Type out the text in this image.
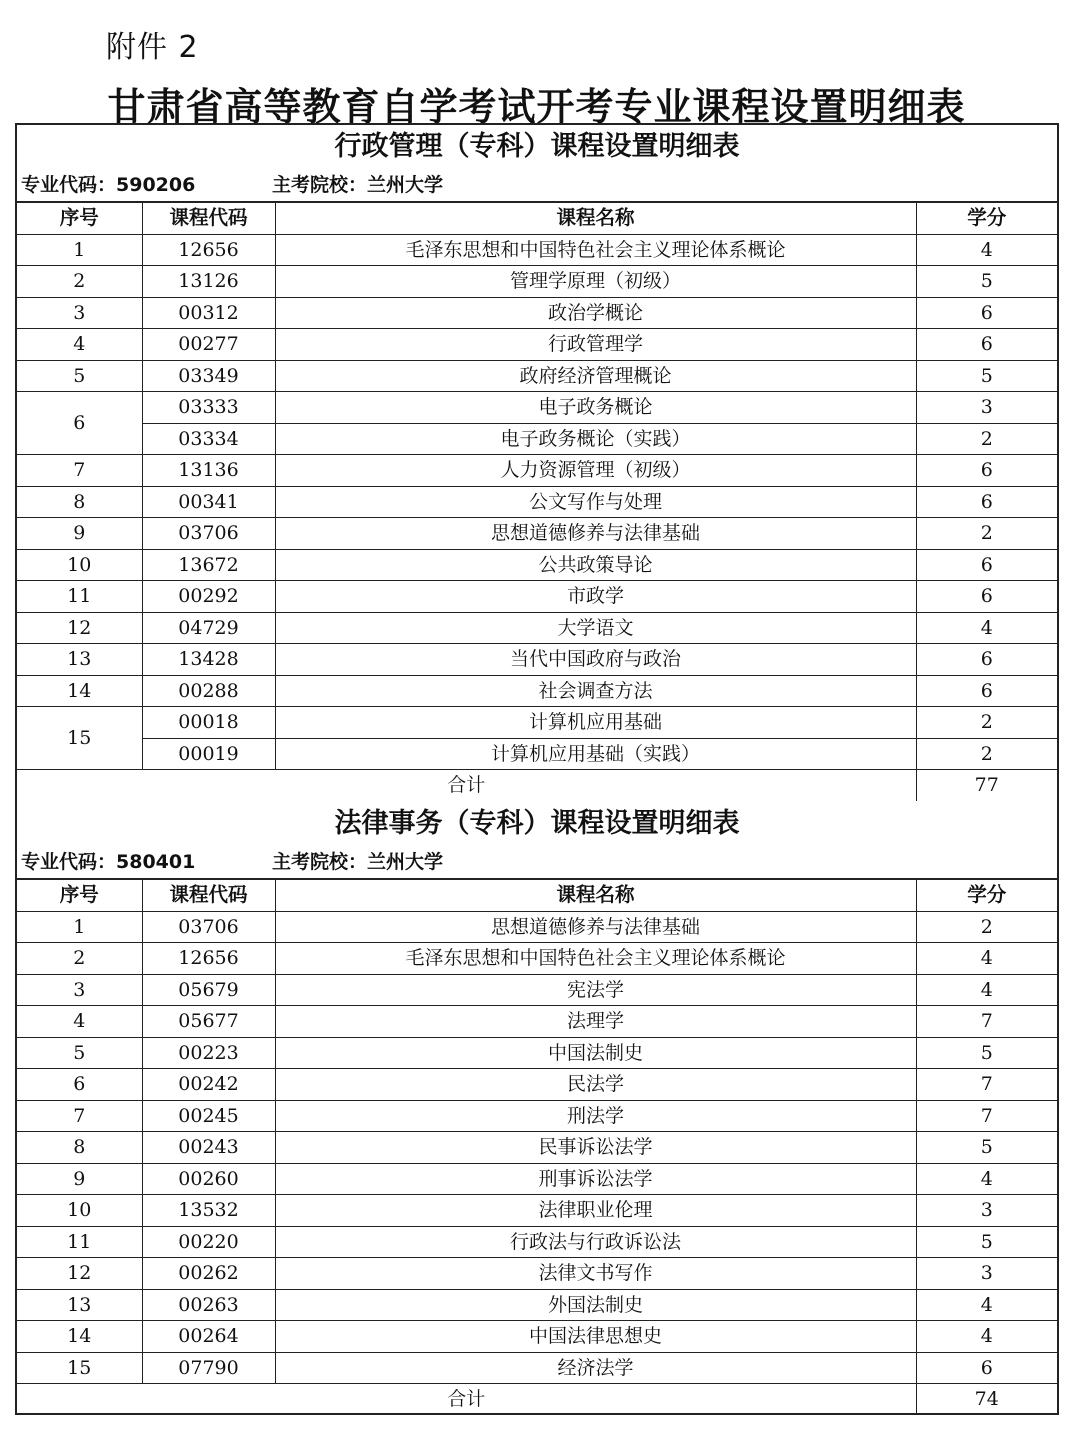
附件 2
甘肃省高等教育自学考试开考专业课程设置明细表
行政管理（专科）课程设置明细表
专业代码：590206	主考院校：兰州大学
序号	课程代码	课程名称	学分
1	12656	毛泽东思想和中国特色社会主义理论体系概论	4
2	13126	管理学原理（初级）	5
3	00312	政治学概论	6
4	00277	行政管理学	6
5	03349	政府经济管理概论	5
6	03333	电子政务概论	3
	03334	电子政务概论（实践）	2
7	13136	人力资源管理（初级）	6
8	00341	公文写作与处理	6
9	03706	思想道德修养与法律基础	2
10	13672	公共政策导论	6
11	00292	市政学	6
12	04729	大学语文	4
13	13428	当代中国政府与政治	6
14	00288	社会调查方法	6
15	00018	计算机应用基础	2
	00019	计算机应用基础（实践）	2
合计			77
法律事务（专科）课程设置明细表
专业代码：580401	主考院校：兰州大学
序号	课程代码	课程名称	学分
1	03706	思想道德修养与法律基础	2
2	12656	毛泽东思想和中国特色社会主义理论体系概论	4
3	05679	宪法学	4
4	05677	法理学	7
5	00223	中国法制史	5
6	00242	民法学	7
7	00245	刑法学	7
8	00243	民事诉讼法学	5
9	00260	刑事诉讼法学	4
10	13532	法律职业伦理	3
11	00220	行政法与行政诉讼法	5
12	00262	法律文书写作	3
13	00263	外国法制史	4
14	00264	中国法律思想史	4
15	07790	经济法学	6
合计			74
